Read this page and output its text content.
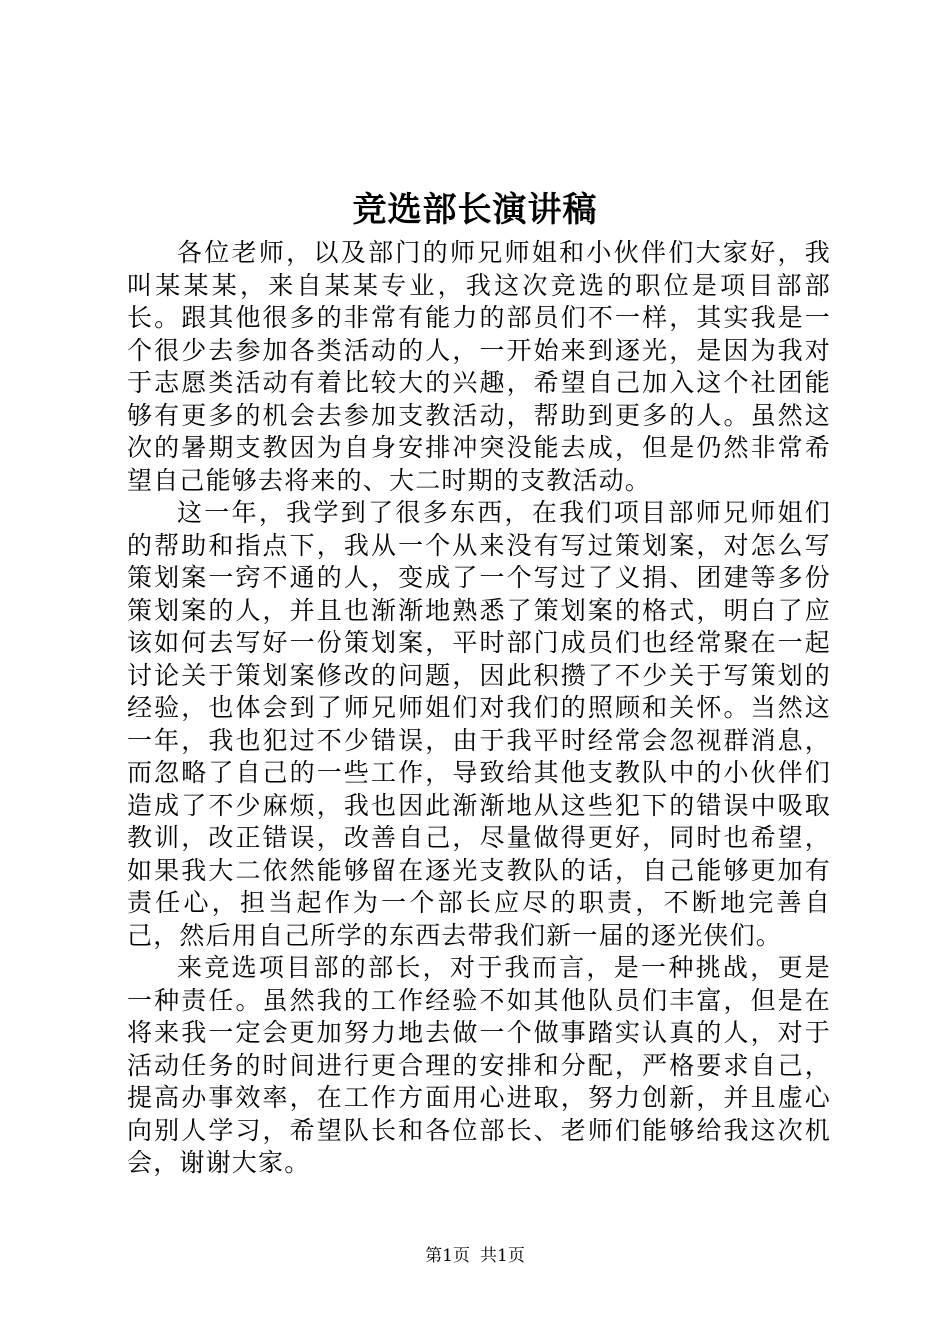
竞选部长演讲稿

各位老师，以及部门的师兄师姐和小伙伴们大家好，我叫某某某，来自某某专业，我这次竞选的职位是项目部部长。跟其他很多的非常有能力的部员们不一样，其实我是一个很少去参加各类活动的人，一开始来到逐光，是因为我对于志愿类活动有着比较大的兴趣，希望自己加入这个社团能够有更多的机会去参加支教活动，帮助到更多的人。虽然这次的暑期支教因为自身安排冲突没能去成，但是仍然非常希望自己能够去将来的、大二时期的支教活动。

这一年，我学到了很多东西，在我们项目部师兄师姐们的帮助和指点下，我从一个从来没有写过策划案，对怎么写策划案一窍不通的人，变成了一个写过了义捐、团建等多份策划案的人，并且也渐渐地熟悉了策划案的格式，明白了应该如何去写好一份策划案，平时部门成员们也经常聚在一起讨论关于策划案修改的问题，因此积攒了不少关于写策划的经验，也体会到了师兄师姐们对我们的照顾和关怀。当然这一年，我也犯过不少错误，由于我平时经常会忽视群消息，而忽略了自己的一些工作，导致给其他支教队中的小伙伴们造成了不少麻烦，我也因此渐渐地从这些犯下的错误中吸取教训，改正错误，改善自己，尽量做得更好，同时也希望，如果我大二依然能够留在逐光支教队的话，自己能够更加有责任心，担当起作为一个部长应尽的职责，不断地完善自己，然后用自己所学的东西去带我们新一届的逐光侠们。

来竞选项目部的部长，对于我而言，是一种挑战，更是一种责任。虽然我的工作经验不如其他队员们丰富，但是在将来我一定会更加努力地去做一个做事踏实认真的人，对于活动任务的时间进行更合理的安排和分配，严格要求自己，提高办事效率，在工作方面用心进取，努力创新，并且虚心向别人学习，希望队长和各位部长、老师们能够给我这次机会，谢谢大家。

第1页 共1页
